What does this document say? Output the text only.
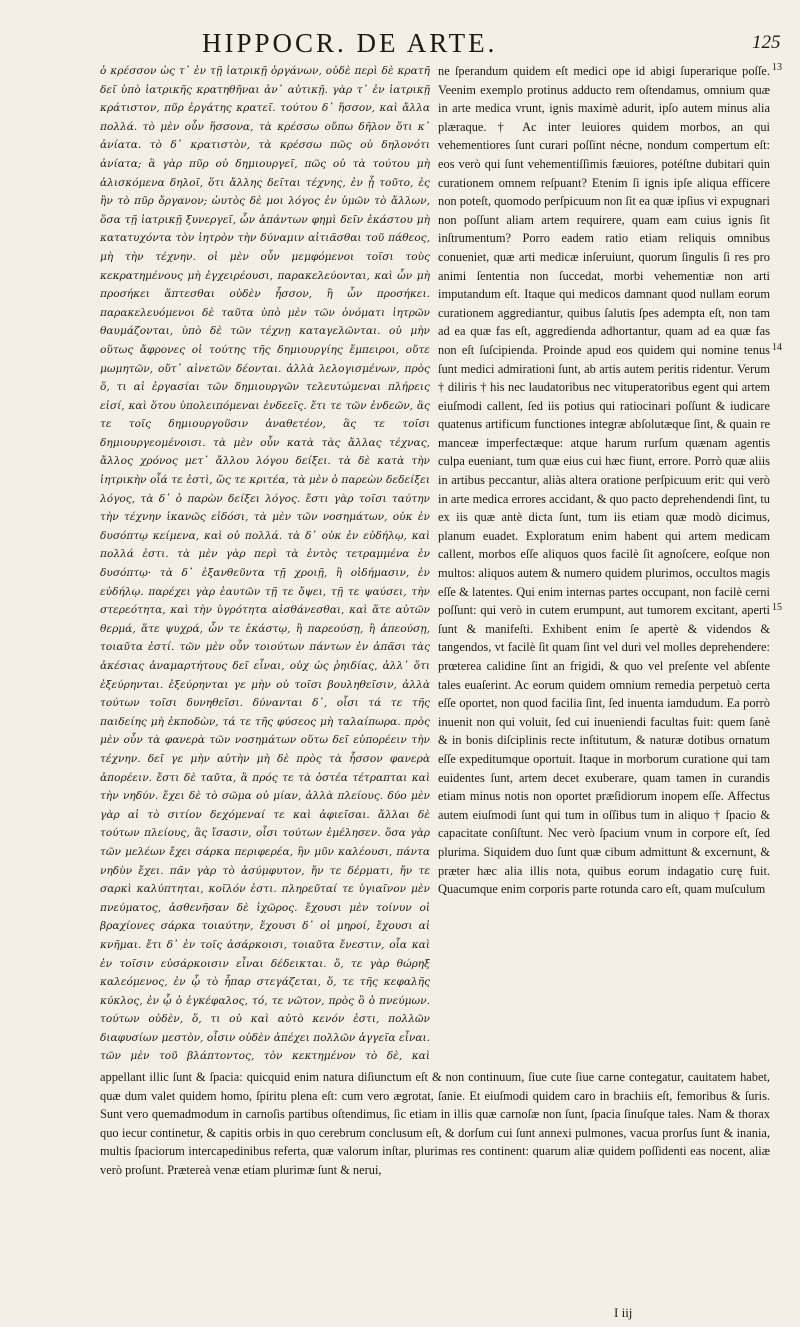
HIPPOCR. DE ARTE.	125

ὁ κρέσσον ὡς τ᾿ ἐν τῇ ἰατρικῇ ὀργάνων, οὐδὲ περὶ δὲ κρατῆ δεῖ ὑπὸ ἰατρικῆς κρατηθῆναι ἀν᾿ αὐτικῇ. γὰρ τ᾿ ἐν ἰατρικῇ κράτιστον, πῦρ ἐργάτης κρατεῖ. τούτου δ᾿ ἥσσον, καὶ ἄλλα πολλά. τὸ μὲν οὖν ἥσσονα, τὰ κρέσσω οὔπω δῆλον ὅτι κ᾿ ἀνίατα. τὸ δ᾿ κρατιστὸν, τὰ κρέσσω πῶς οὐ δηλονότι ἀνίατα; ἃ γὰρ πῦρ οὐ δημιουργεῖ, πῶς οὐ τὰ τούτου μὴ ἁλισκόμενα δηλοῖ, ὅτι ἄλλης δεῖται τέχνης, ἐν ᾗ τοῦτο, ἐς ἣν τὸ πῦρ ὄργανον; ὡυτὸς δὲ μοι λόγος ἐν ὑμῶν τὸ ἄλλων, ὅσα τῇ ἰατρικῇ ξυνεργεῖ, ὧν ἁπάντων φημὶ δεῖν ἑκάστου μὴ κατατυχόντα τὸν ἰητρὸν τὴν δύναμιν αἰτιᾶσθαι τοῦ πάθεος, μὴ τὴν τέχνην. οἱ μὲν οὖν μεμφόμενοι τοῖσι τοὺς κεκρατημένους μὴ ἐγχειρέουσι, παρακελεύονται, καὶ ὧν μὴ προσήκει ἅπτεσθαι οὐδὲν ἧσσον, ἢ ὧν προσήκει. παρακελευόμενοι δὲ ταῦτα ὑπὸ μὲν τῶν ὀνόματι ἰητρῶν θαυμάζονται, ὑπὸ δὲ τῶν τέχνῃ καταγελῶνται. οὐ μὴν οὕτως ἄφρονες οἱ τούτης τῆς δημιουργίης ἔμπειροι, οὔτε μωμητῶν, οὔτ᾿ αἰνετῶν δέονται. ἀλλὰ λελογισμένων, πρὸς ὅ, τι αἱ ἐργασίαι τῶν δημιουργῶν τελευτώμεναι πλήρεις εἰσί, καὶ ὅτου ὑπολειπόμεναι ἐνδεεῖς. ἔτι τε τῶν ἐνδεῶν, ἃς τε τοῖς δημιουργοῦσιν ἀναθετέον, ἃς τε τοῖσι δημιουργεομένοισι. τὰ μὲν οὖν κατὰ τὰς ἄλλας τέχνας, ἄλλος χρόνος μετ᾿ ἄλλου λόγου δείξει. τὰ δὲ κατὰ τὴν ἰητρικὴν οἷά τε ἐστὶ, ὥς τε κριτέα, τὰ μὲν ὁ παρεὼν δεδείξει λόγος, τὰ δ᾿ ὁ παρὼν δείξει λόγος. ἔστι γὰρ τοῖσι ταύτην τὴν τέχνην ἱκανῶς εἰδόσι, τὰ μὲν τῶν νοσημάτων, οὐκ ἐν δυσόπτῳ κείμενα, καὶ οὐ πολλά. τὰ δ᾿ οὐκ ἐν εὐδήλῳ, καὶ πολλά ἐστι. τὰ μὲν γὰρ περὶ τὰ ἐντὸς τετραμμένα ἐν δυσόπτῳ· τὰ δ᾿ ἐξανθεῦντα τῇ χροιῇ, ἢ οἰδήμασιν, ἐν εὐδήλῳ. παρέχει γὰρ ἑαυτῶν τῇ τε ὄψει, τῇ τε ψαύσει, τὴν στερεότητα, καὶ τὴν ὑγρότητα αἰσθάνεσθαι, καὶ ἅτε αὐτῶν θερμά, ἅτε ψυχρά, ὧν τε ἑκάστῳ, ἢ παρεούσῃ, ἢ ἀπεούσῃ, τοιαῦτα ἐστί. τῶν μὲν οὖν τοιούτων πάντων ἐν ἀπᾶσι τὰς ἀκέσιας ἀναμαρτήτους δεῖ εἶναι, οὐχ ὡς ῥηιδίας, ἀλλ᾿ ὅτι ἐξεύρηνται. ἐξεύρηνται γε μὴν οὐ τοῖσι βουληθεῖσιν, ἀλλὰ τούτων τοῖσι δυνηθεῖσι. δύνανται δ᾿, οἷσι τά τε τῆς παιδείης μὴ ἐκποδὼν, τά τε τῆς φύσεος μὴ ταλαίπωρα. πρὸς μὲν οὖν τὰ φανερὰ τῶν νοσημάτων οὕτω δεῖ εὐπορέειν τὴν τέχνην. δεῖ γε μὴν αὐτὴν μὴ δὲ πρὸς τὰ ἧσσον φανερὰ ἀπορέειν. ἔστι δὲ ταῦτα, ἃ πρός τε τὰ ὀστέα τέτραπται καὶ τὴν νηδύν. ἔχει δὲ τὸ σῶμα οὐ μίαν, ἀλλὰ πλείους. δύο μὲν γὰρ αἱ τὸ σιτίον δεχόμεναί τε καὶ ἀφιεῖσαι. ἄλλαι δὲ τούτων πλείους, ἃς ἴσασιν, οἷσι τούτων ἐμέλησεν. ὅσα γὰρ τῶν μελέων ἔχει σάρκα περιφερέα, ἣν μῦν καλέουσι, πάντα νηδὺν ἔχει. πᾶν γὰρ τὸ ἀσύμφυτον, ἤν τε δέρματι, ἤν τε σαρκὶ καλύπτηται, κοῖλόν ἐστι. πληρεῦταί τε ὑγιαῖνον μὲν πνεύματος, ἀσθενῆσαν δὲ ἰχῶρος. ἔχουσι μὲν τοίνυν οἱ βραχίονες σάρκα τοιαύτην, ἔχουσι δ᾿ οἱ μηροί, ἔχουσι αἱ κνῆμαι. ἔτι δ᾿ ἐν τοῖς ἀσάρκοισι, τοιαῦτα ἔνεστιν, οἷα καὶ ἐν τοῖσιν εὐσάρκοισιν εἶναι δέδεικται. ὅ, τε γὰρ θώρηξ καλεόμενος, ἐν ᾧ τὸ ἧπαρ στεγάζεται, ὅ, τε τῆς κεφαλῆς κύκλος, ἐν ᾧ ὁ ἐγκέφαλος, τό, τε νῶτον, πρὸς ὃ ὁ πνεύμων. τούτων οὐδὲν, ὅ, τι οὐ καὶ αὐτὸ κενόν ἐστι, πολλῶν διαφυσίων μεστὸν, οἷσιν οὐδὲν ἀπέχει πολλῶν ἀγγεῖα εἶναι. τῶν μὲν τοῦ βλάπτοντος, τὸν κεκτημένον τὸ δὲ, καὶ

ne ſperandum quidem eſt medici ope id abigi ſuperarique poſſe. Veenim exemplo protinus adducto rem oſtendamus, omnium quæ in arte medica vrunt, ignis maximè adurit, ipſo autem minus alia plæraque. † Ac inter leuiores quidem morbos, an qui vehementiores ſunt curari poſſint nécne, nondum compertum eſt: eos verò qui ſunt vehementiſſimis fæuiores, potéſtne dubitari quin curationem omnem reſpuant? Etenim ſi ignis ipſe aliqua efficere non poteſt, quomodo perſpicuum non ſit ea quæ ipſius vi expugnari non poſſunt aliam artem requirere, quam eam cuius ignis ſit inſtrumentum? Porro eadem ratio etiam reliquis omnibus conueniet, quæ arti medicæ inſeruiunt, quorum ſingulis ſi res pro animi ſententia non ſuccedat, morbi vehementiæ non arti imputandum eſt. Itaque qui medicos damnant quod nullam eorum curationem aggrediantur, quibus ſalutis ſpes adempta eſt, non tam ad ea quæ fas eſt, aggredienda adhortantur, quam ad ea quæ fas non eſt ſuſcipienda. Proinde apud eos quidem qui nomine tenus ſunt medici admirationi ſunt, ab artis autem peritis ridentur. Verum † diliris † his nec laudatoribus nec vituperatoribus egent qui artem eiuſmodi callent, ſed iis potius qui ratiocinari poſſunt & iudicare quatenus artificum functiones integræ abſolutæque ſint, & quain re manceæ imperfectæque: atque harum rurſum quænam agentis culpa eueniant, tum quæ eius cui hæc fiunt, errore. Porrò quæ aliis in artibus peccantur, aliàs altera oratione perſpicuum erit: qui verò in arte medica errores accidant, & quo pacto deprehendendi ſint, tu ex iis quæ antè dicta ſunt, tum iis etiam quæ modò dicimus, planum euadet. Exploratum enim habent qui artem medicam callent, morbos eſſe aliquos quos facilè ſit agnoſcere, eoſque non multos: aliquos autem & numero quidem plurimos, occultos magis eſſe & latentes. Qui enim internas partes occupant, non facilè cerni poſſunt: qui verò in cutem erumpunt, aut tumorem excitant, aperti ſunt & manifeſti. Exhibent enim ſe apertè & videndos & tangendos, vt facilè ſit quam ſint vel duri vel molles deprehendere: prœterea calidine ſint an frigidi, & quo vel preſente vel abſente tales euaſerint. Ac eorum quidem omnium remedia perpetuò certa eſſe oportet, non quod facilia ſint, ſed inuenta iamdudum. Ea porrò inuenit non qui voluit, ſed cui inueniendi facultas fuit: quem ſanè & in bonis diſciplinis recte inſtitutum, & naturæ dotibus ornatum eſſe expeditumque oportuit. Itaque in morborum curatione qui tam euidentes ſunt, artem decet exuberare, quam tamen in curandis etiam minus notis non oportet præſidiorum inopem eſſe. Affectus autem eiuſmodi ſunt qui tum in oſſibus tum in aliquo † ſpacio & capacitate conſiſtunt. Nec verò ſpacium vnum in corpore eſt, ſed plurima. Siquidem duo ſunt quæ cibum admittunt & excernunt, & præter hæc alia illis nota, quibus eorum indagatio curę fuit. Quacumque enim corporis parte rotunda caro eſt, quam muſculum

13
14
15

appellant illic ſunt & ſpacia: quicquid enim natura diſiunctum eſt & non continuum, ſiue cute ſiue carne contegatur, cauitatem habet, quæ dum valet quidem homo, ſpiritu plena eſt: cum vero ægrotat, ſanie. Et eiuſmodi quidem caro in brachiis eſt, femoribus & ſuris. Sunt vero quemadmodum in carnoſis partibus oſtendimus, ſic etiam in illis quæ carnoſæ non ſunt, ſpacia ſinuſque tales. Nam & thorax quo iecur continetur, & capitis orbis in quo cerebrum conclusum eſt, & dorſum cui ſunt annexi pulmones, vacua prorſus ſunt & inania, multis ſpaciorum intercapedinibus referta, quæ valorum inſtar, plurimas res continent: quarum aliæ quidem poſſidenti eas nocent, aliæ verò proſunt. Prætereà venæ etiam plurimæ ſunt & nerui,

I iij
